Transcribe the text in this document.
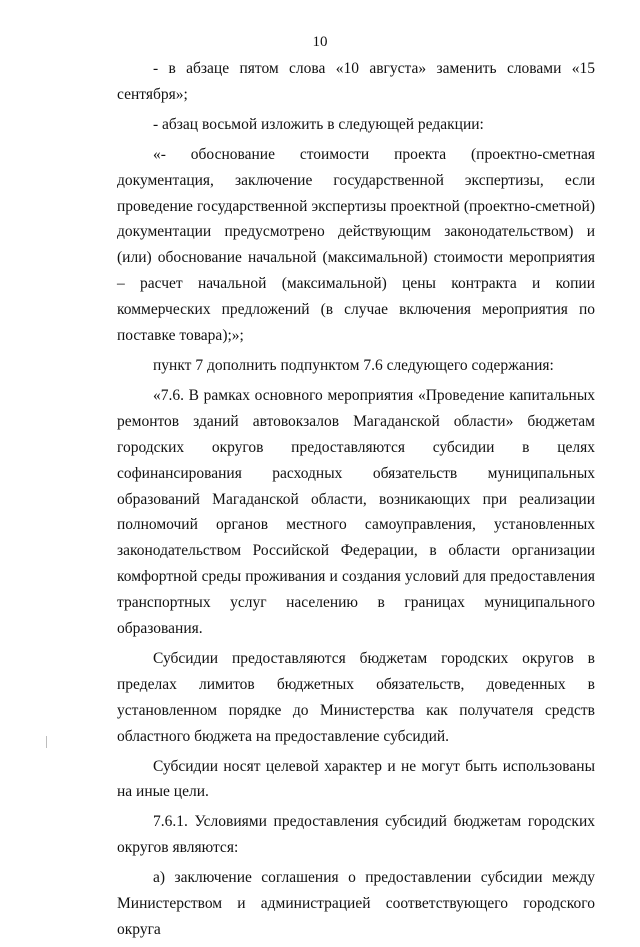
10

- в абзаце пятом слова «10 августа» заменить словами «15 сентября»;

- абзац восьмой изложить в следующей редакции:

«- обоснование стоимости проекта (проектно-сметная документация, заключение государственной экспертизы, если проведение государственной экспертизы проектной (проектно-сметной) документации предусмотрено действующим законодательством) и (или) обоснование начальной (максимальной) стоимости мероприятия – расчет начальной (максимальной) цены контракта и копии коммерческих предложений (в случае включения мероприятия по поставке товара);»;

пункт 7 дополнить подпунктом 7.6 следующего содержания:

«7.6. В рамках основного мероприятия «Проведение капитальных ремонтов зданий автовокзалов Магаданской области» бюджетам городских округов предоставляются субсидии в целях софинансирования расходных обязательств муниципальных образований Магаданской области, возникающих при реализации полномочий органов местного самоуправления, установленных законодательством Российской Федерации, в области организации комфортной среды проживания и создания условий для предоставления транспортных услуг населению в границах муниципального образования.

Субсидии предоставляются бюджетам городских округов в пределах лимитов бюджетных обязательств, доведенных в установленном порядке до Министерства как получателя средств областного бюджета на предоставление субсидий.

Субсидии носят целевой характер и не могут быть использованы на иные цели.

7.6.1. Условиями предоставления субсидий бюджетам городских округов являются:

а) заключение соглашения о предоставлении субсидии между Министерством и администрацией соответствующего городского округа
